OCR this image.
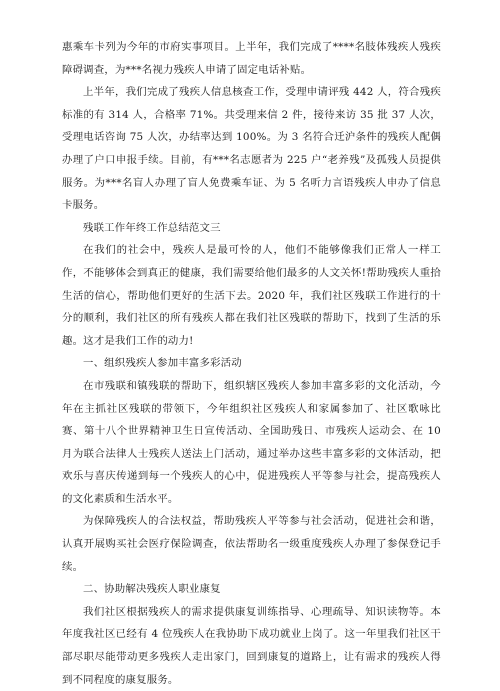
惠乘车卡列为今年的市府实事项目。上半年，我们完成了****名肢体残疾人残疾障碍调查，为***名视力残疾人申请了固定电话补贴。

上半年，我们完成了残疾人信息核查工作，受理申请评残 442 人，符合残疾标准的有 314 人，合格率 71%。共受理来信 2 件，接待来访 35 批 37 人次，受理电话咨询 75 人次，办结率达到 100%。为 3 名符合迁沪条件的残疾人配偶办理了户口申报手续。目前，有***名志愿者为 225 户“老养残”及孤残人员提供服务。为***名盲人办理了盲人免费乘车证、为 5 名听力言语残疾人申办了信息卡服务。

残联工作年终工作总结范文三

在我们的社会中，残疾人是最可怜的人，他们不能够像我们正常人一样工作，不能够体会到真正的健康，我们需要给他们最多的人文关怀!帮助残疾人重拾生活的信心，帮助他们更好的生活下去。2020 年，我们社区残联工作进行的十分的顺利，我们社区的所有残疾人都在我们社区残联的帮助下，找到了生活的乐趣。这才是我们工作的动力!

一、组织残疾人参加丰富多彩活动

在市残联和镇残联的帮助下，组织辖区残疾人参加丰富多彩的文化活动，今年在主抓社区残联的带领下，今年组织社区残疾人和家属参加了、社区歌咏比赛、第十八个世界精神卫生日宣传活动、全国助残日、市残疾人运动会、在 10 月为联合法律人士残疾人送法上门活动，通过举办这些丰富多彩的文体活动，把欢乐与喜庆传递到每一个残疾人的心中，促进残疾人平等参与社会，提高残疾人的文化素质和生活水平。

为保障残疾人的合法权益，帮助残疾人平等参与社会活动，促进社会和谐，认真开展购买社会医疗保险调查，依法帮助名一级重度残疾人办理了参保登记手续。

二、协助解决残疾人职业康复

我们社区根据残疾人的需求提供康复训练指导、心理疏导、知识读物等。本年度我社区已经有 4 位残疾人在我协助下成功就业上岗了。这一年里我们社区干部尽职尽能带动更多残疾人走出家门，回到康复的道路上，让有需求的残疾人得到不同程度的康复服务。
